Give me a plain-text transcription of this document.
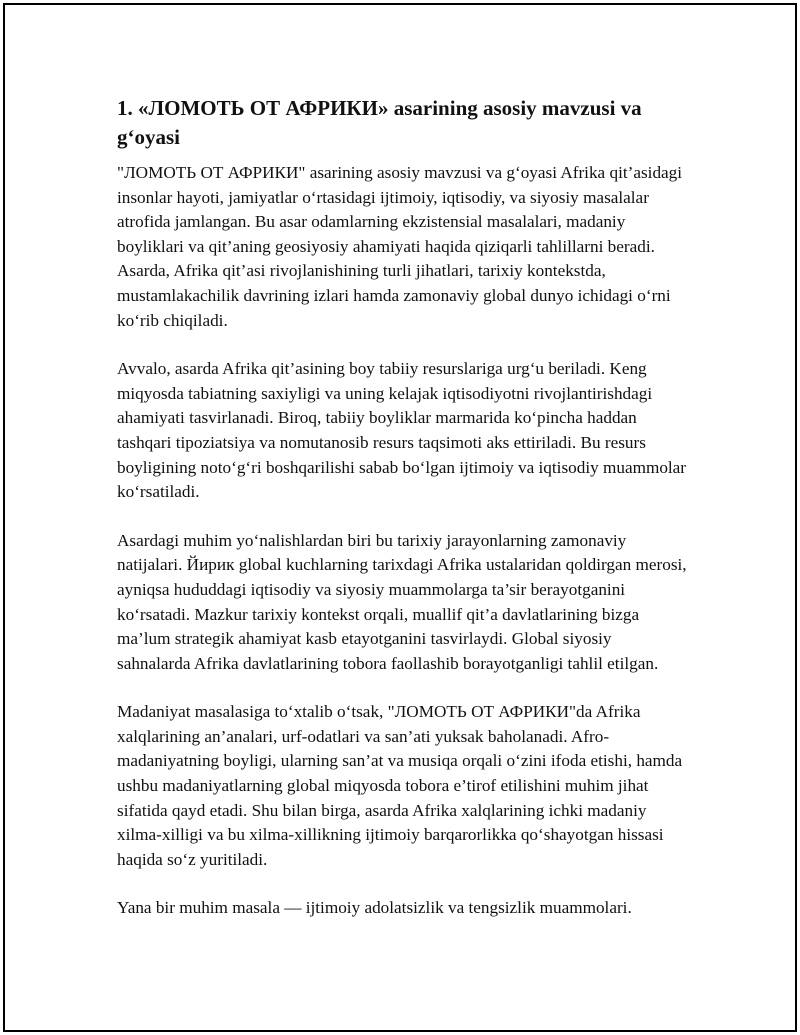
1. «ЛОМОТЬ ОТ АФРИКИ» asarining asosiy mavzusi va g‘oyasi

"ЛОМОТЬ ОТ АФРИКИ" asarining asosiy mavzusi va g‘oyasi Afrika qit’asidagi insonlar hayoti, jamiyatlar o‘rtasidagi ijtimoiy, iqtisodiy, va siyosiy masalalar atrofida jamlangan. Bu asar odamlarning ekzistensial masalalari, madaniy boyliklari va qit’aning geosiyosiy ahamiyati haqida qiziqarli tahlillarni beradi. Asarda, Afrika qit’asi rivojlanishining turli jihatlari, tarixiy kontekstda, mustamlakachilik davrining izlari hamda zamonaviy global dunyo ichidagi o‘rni ko‘rib chiqiladi.

Avvalo, asarda Afrika qit’asining boy tabiiy resurslariga urg‘u beriladi. Keng miqyosda tabiatning saxiyligi va uning kelajak iqtisodiyotni rivojlantirishdagi ahamiyati tasvirlanadi. Biroq, tabiiy boyliklar marmarida ko‘pincha haddan tashqari tipoziatsiya va nomutanosib resurs taqsimoti aks ettiriladi. Bu resurs boyligining noto‘g‘ri boshqarilishi sabab bo‘lgan ijtimoiy va iqtisodiy muammolar ko‘rsatiladi.

Asardagi muhim yo‘nalishlardan biri bu tarixiy jarayonlarning zamonaviy natijalari. Йирик global kuchlarning tarixdagi Afrika ustalaridan qoldirgan merosi, ayniqsa hududdagi iqtisodiy va siyosiy muammolarga ta’sir berayotganini ko‘rsatadi. Mazkur tarixiy kontekst orqali, muallif qit’a davlatlarining bizga ma’lum strategik ahamiyat kasb etayotganini tasvirlaydi. Global siyosiy sahnalarda Afrika davlatlarining tobora faollashib borayotganligi tahlil etilgan.

Madaniyat masalasiga to‘xtalib o‘tsak, "ЛОМОТЬ ОТ АФРИКИ"da Afrika xalqlarining an’analari, urf-odatlari va san’ati yuksak baholanadi. Afro-madaniyatning boyligi, ularning san’at va musiqa orqali o‘zini ifoda etishi, hamda ushbu madaniyatlarning global miqyosda tobora e’tirof etilishini muhim jihat sifatida qayd etadi. Shu bilan birga, asarda Afrika xalqlarining ichki madaniy xilma-xilligi va bu xilma-xillikning ijtimoiy barqarorlikka qo‘shayotgan hissasi haqida so‘z yuritiladi.

Yana bir muhim masala — ijtimoiy adolatsizlik va tengsizlik muammolari.
